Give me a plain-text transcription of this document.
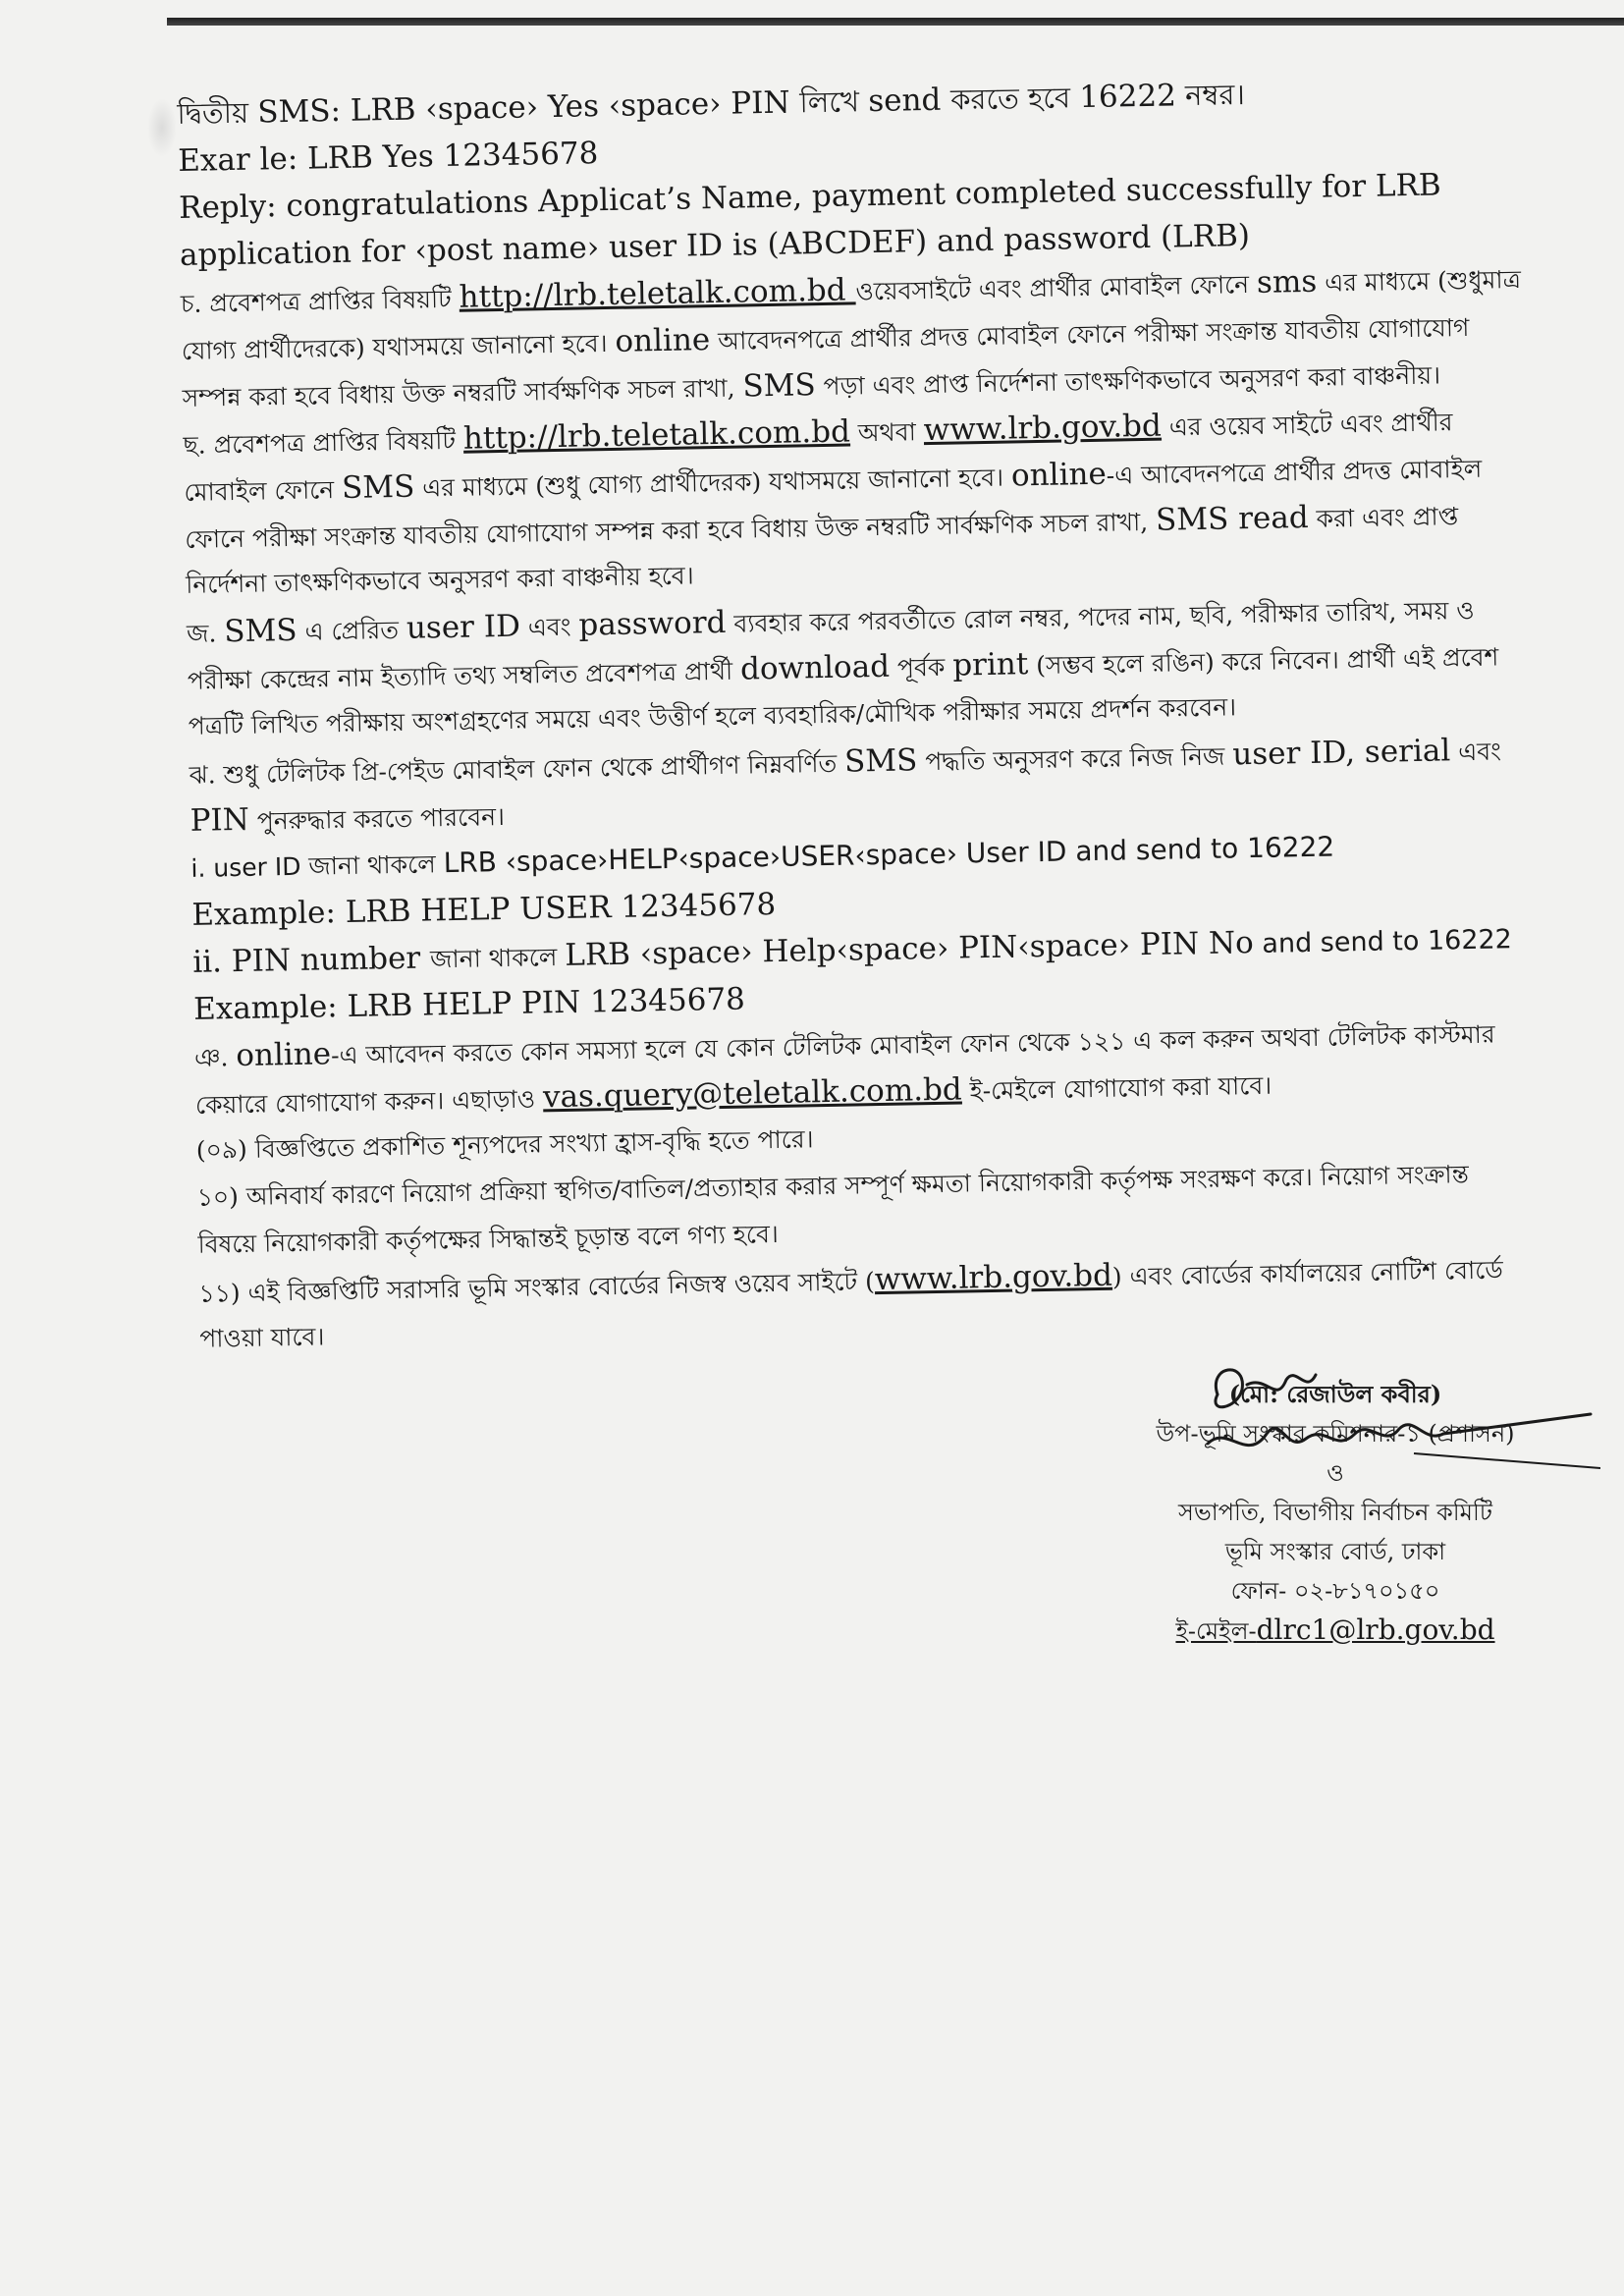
দ্বিতীয় SMS: LRB ‹space› Yes ‹space› PIN লিখে send করতে হবে 16222 নম্বর।
Exar le: LRB Yes 12345678
Reply: congratulations Applicat’s Name, payment completed successfully for LRB
application for ‹post name› user ID is (ABCDEF) and password (LRB)
চ. প্রবেশপত্র প্রাপ্তির বিষয়টি http://lrb.teletalk.com.bd ওয়েবসাইটে এবং প্রার্থীর মোবাইল ফোনে sms এর মাধ্যমে (শুধুমাত্র
যোগ্য প্রার্থীদেরকে) যথাসময়ে জানানো হবে। online আবেদনপত্রে প্রার্থীর প্রদত্ত মোবাইল ফোনে পরীক্ষা সংক্রান্ত যাবতীয় যোগাযোগ
সম্পন্ন করা হবে বিধায় উক্ত নম্বরটি সার্বক্ষণিক সচল রাখা, SMS পড়া এবং প্রাপ্ত নির্দেশনা তাৎক্ষণিকভাবে অনুসরণ করা বাঞ্চনীয়।
ছ. প্রবেশপত্র প্রাপ্তির বিষয়টি http://lrb.teletalk.com.bd অথবা www.lrb.gov.bd এর ওয়েব সাইটে এবং প্রার্থীর
মোবাইল ফোনে SMS এর মাধ্যমে (শুধু যোগ্য প্রার্থীদেরক) যথাসময়ে জানানো হবে। online-এ আবেদনপত্রে প্রার্থীর প্রদত্ত মোবাইল
ফোনে পরীক্ষা সংক্রান্ত যাবতীয় যোগাযোগ সম্পন্ন করা হবে বিধায় উক্ত নম্বরটি সার্বক্ষণিক সচল রাখা, SMS read করা এবং প্রাপ্ত
নির্দেশনা তাৎক্ষণিকভাবে অনুসরণ করা বাঞ্চনীয় হবে।
জ. SMS এ প্রেরিত user ID এবং password ব্যবহার করে পরবর্তীতে রোল নম্বর, পদের নাম, ছবি, পরীক্ষার তারিখ, সময় ও
পরীক্ষা কেন্দ্রের নাম ইত্যাদি তথ্য সম্বলিত প্রবেশপত্র প্রার্থী download পূর্বক print (সম্ভব হলে রঙিন) করে নিবেন। প্রার্থী এই প্রবেশ
পত্রটি লিখিত পরীক্ষায় অংশগ্রহণের সময়ে এবং উত্তীর্ণ হলে ব্যবহারিক/মৌখিক পরীক্ষার সময়ে প্রদর্শন করবেন।
ঝ. শুধু টেলিটক প্রি-পেইড মোবাইল ফোন থেকে প্রার্থীগণ নিম্নবর্ণিত SMS পদ্ধতি অনুসরণ করে নিজ নিজ user ID, serial এবং
PIN পুনরুদ্ধার করতে পারবেন।
i. user ID জানা থাকলে LRB ‹space›HELP‹space›USER‹space› User ID and send to 16222
Example: LRB HELP USER 12345678
ii. PIN number জানা থাকলে LRB ‹space› Help‹space› PIN‹space› PIN No and send to 16222
Example: LRB HELP PIN 12345678
ঞ. online-এ আবেদন করতে কোন সমস্যা হলে যে কোন টেলিটক মোবাইল ফোন থেকে ১২১ এ কল করুন অথবা টেলিটক কাস্টমার
কেয়ারে যোগাযোগ করুন। এছাড়াও vas.query@teletalk.com.bd ই-মেইলে যোগাযোগ করা যাবে।
(০৯) বিজ্ঞপ্তিতে প্রকাশিত শূন্যপদের সংখ্যা হ্রাস-বৃদ্ধি হতে পারে।
১০) অনিবার্য কারণে নিয়োগ প্রক্রিয়া স্থগিত/বাতিল/প্রত্যাহার করার সম্পূর্ণ ক্ষমতা নিয়োগকারী কর্তৃপক্ষ সংরক্ষণ করে। নিয়োগ সংক্রান্ত
বিষয়ে নিয়োগকারী কর্তৃপক্ষের সিদ্ধান্তই চূড়ান্ত বলে গণ্য হবে।
১১) এই বিজ্ঞপ্তিটি সরাসরি ভূমি সংস্কার বোর্ডের নিজস্ব ওয়েব সাইটে (www.lrb.gov.bd) এবং বোর্ডের কার্যালয়ের নোটিশ বোর্ডে
পাওয়া যাবে।
(মো: রেজাউল কবীর)
উপ-ভূমি সংস্কার কমিশনার-১ (প্রশাসন)
ও
সভাপতি, বিভাগীয় নির্বাচন কমিটি
ভূমি সংস্কার বোর্ড, ঢাকা
ফোন- ০২-৮১৭০১৫০
ই-মেইল-dlrc1@lrb.gov.bd
